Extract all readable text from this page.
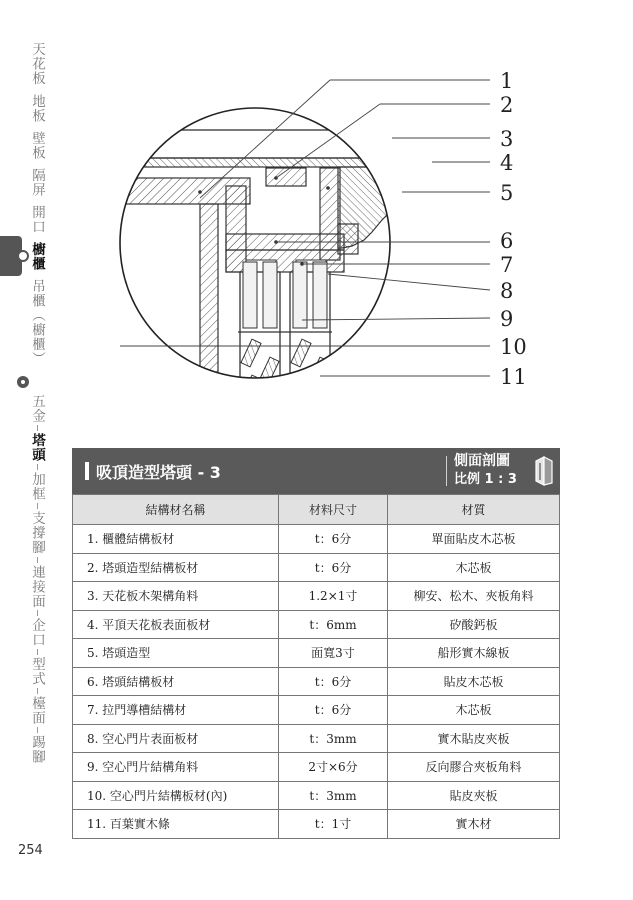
天花板
地板
壁板
隔屏
開口
櫥櫃
吊櫃（櫥櫃）
五金
塔頭
加框
支撐腳
連接面
企口
型式
檯面
踢腳
1
2
3
4
5
6
7
8
9
10
11
吸頂造型塔頭 - 3
側面剖圖
比例 1 : 3
結構材名稱	材料尺寸	材質
1. 櫃體結構板材	t：6分	單面貼皮木芯板
2. 塔頭造型結構板材	t：6分	木芯板
3. 天花板木架構角料	1.2×1寸	柳安、松木、夾板角料
4. 平頂天花板表面板材	t：6mm	矽酸鈣板
5. 塔頭造型	面寬3寸	船形實木線板
6. 塔頭結構板材	t：6分	貼皮木芯板
7. 拉門導槽結構材	t：6分	木芯板
8. 空心門片表面板材	t：3mm	實木貼皮夾板
9. 空心門片結構角料	2寸×6分	反向膠合夾板角料
10. 空心門片結構板材(內)	t：3mm	貼皮夾板
11. 百葉實木條	t：1寸	實木材
254
